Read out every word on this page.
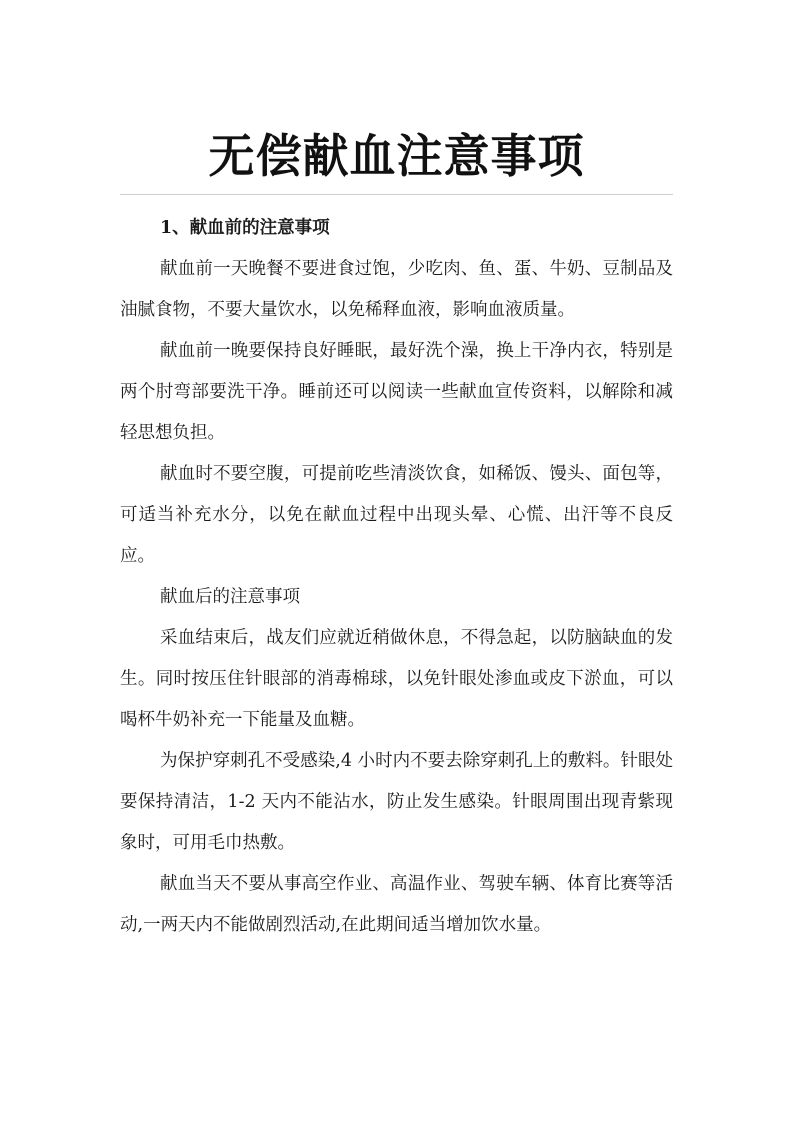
无偿献血注意事项

1、献血前的注意事项

献血前一天晚餐不要进食过饱，少吃肉、鱼、蛋、牛奶、豆制品及油腻食物，不要大量饮水，以免稀释血液，影响血液质量。

献血前一晚要保持良好睡眠，最好洗个澡，换上干净内衣，特别是两个肘弯部要洗干净。睡前还可以阅读一些献血宣传资料，以解除和减轻思想负担。

献血时不要空腹，可提前吃些清淡饮食，如稀饭、馒头、面包等，可适当补充水分，以免在献血过程中出现头晕、心慌、出汗等不良反应。

献血后的注意事项

采血结束后，战友们应就近稍做休息，不得急起，以防脑缺血的发生。同时按压住针眼部的消毒棉球，以免针眼处渗血或皮下淤血，可以喝杯牛奶补充一下能量及血糖。

为保护穿刺孔不受感染,4 小时内不要去除穿刺孔上的敷料。针眼处要保持清洁，1-2 天内不能沾水，防止发生感染。针眼周围出现青紫现象时，可用毛巾热敷。

献血当天不要从事高空作业、高温作业、驾驶车辆、体育比赛等活动,一两天内不能做剧烈活动,在此期间适当增加饮水量。
